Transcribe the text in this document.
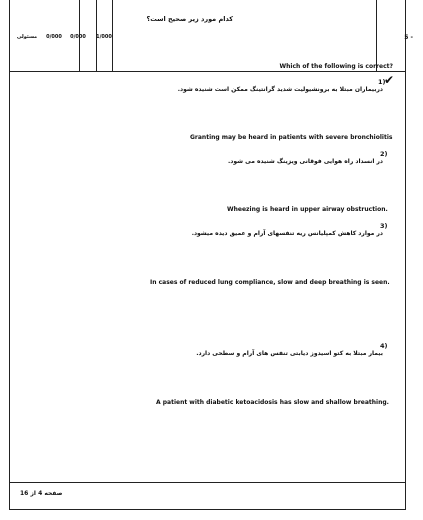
مسئولی	0/000	0/000	1/000
کدام مورد زیر صحیح است؟
5 -
Which of the following is correct?
✔
1)
دربیماران مبتلا به برونشیولیت شدید گرانتینگ ممکن است شنیده شود.
Granting may be heard in patients with severe bronchiolitis
2)
در انسداد راه هوایی فوقانی ویزینگ شنیده می شود.
Wheezing is heard in upper airway obstruction.
3)
در موارد کاهش کمپلیانس ریه تنفسهای آرام و عمیق دیده میشود.
In cases of reduced lung compliance, slow and deep breathing is seen.
4)
بیمار مبتلا به کتو اسیدوز دیابتی تنفس های آرام و سطحی دارد.
A patient with diabetic ketoacidosis has slow and shallow breathing.
صفحه 4 از 16
